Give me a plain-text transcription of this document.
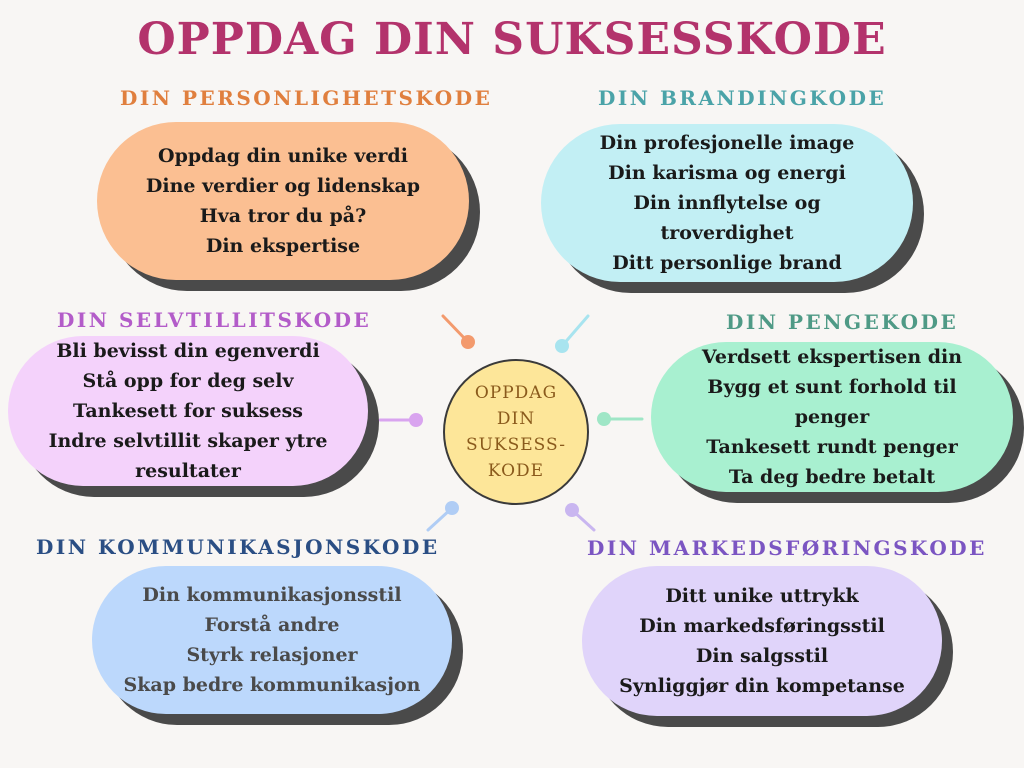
OPPDAG DIN SUKSESSKODE
DIN PERSONLIGHETSKODE
Oppdag din unike verdi
Dine verdier og lidenskap
Hva tror du på?
Din ekspertise
DIN BRANDINGKODE
Din profesjonelle image
Din karisma og energi
Din innflytelse og troverdighet
Ditt personlige brand
DIN SELVTILLITSKODE
Bli bevisst din egenverdi
Stå opp for deg selv
Tankesett for suksess
Indre selvtillit skaper ytre
resultater
DIN PENGEKODE
Verdsett ekspertisen din
Bygg et sunt forhold til penger
Tankesett rundt penger
Ta deg bedre betalt
DIN KOMMUNIKASJONSKODE
Din kommunikasjonsstil
Forstå andre
Styrk relasjoner
Skap bedre kommunikasjon
DIN MARKEDSFØRINGSKODE
Ditt unike uttrykk
Din markedsføringsstil
Din salgsstil
Synliggjør din kompetanse
OPPDAG
DIN
SUKSESS-
KODE
